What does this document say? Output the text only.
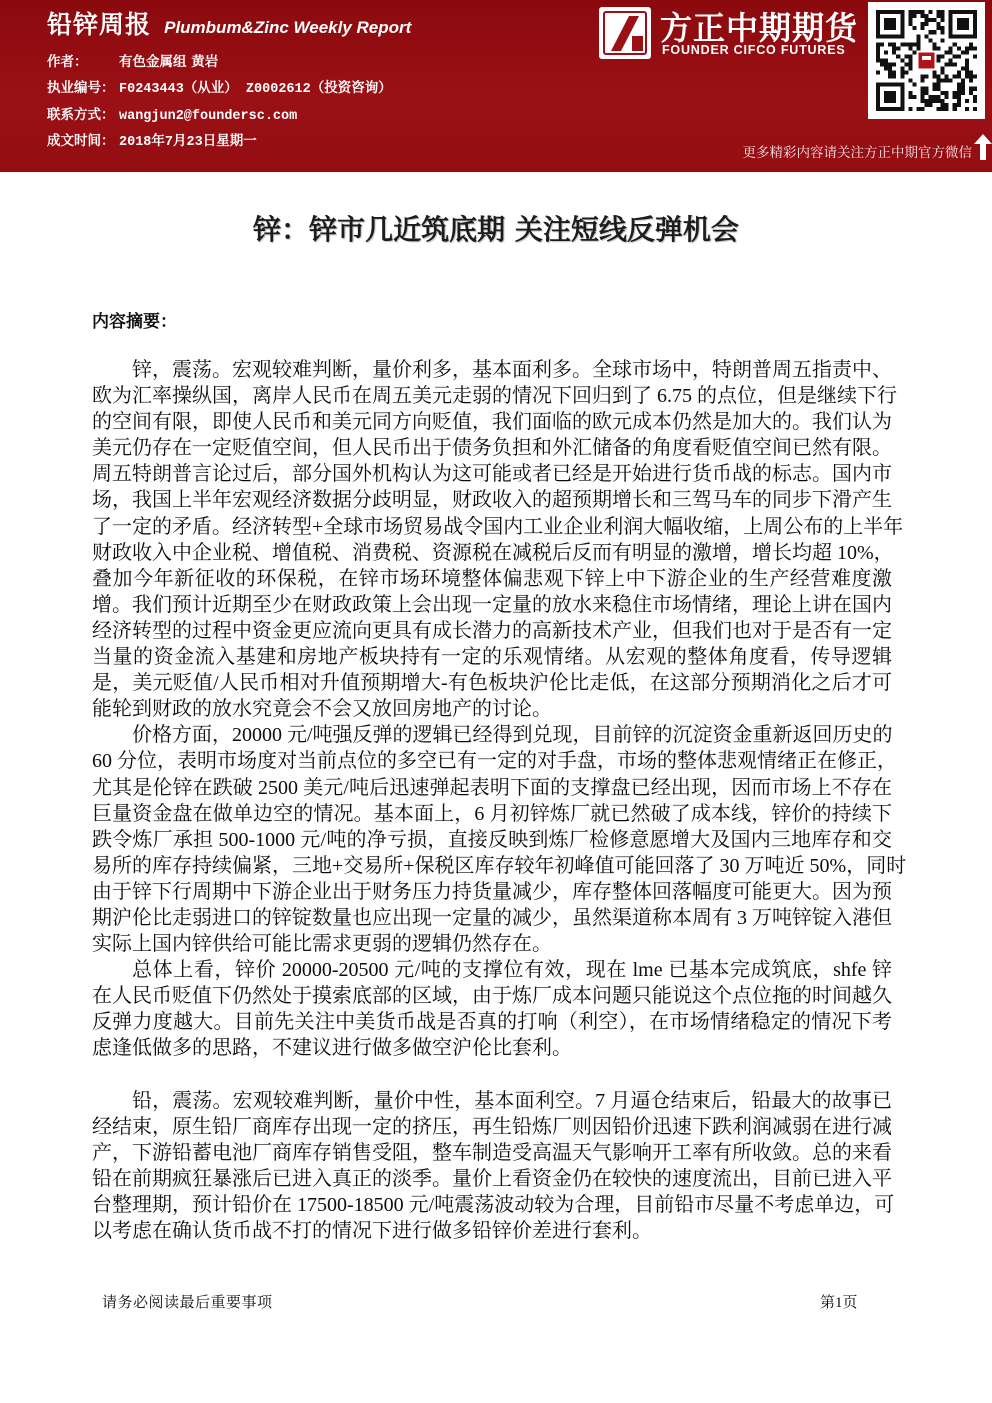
铅锌周报 Plumbum&Zinc Weekly Report
作者： 有色金属组 黄岩
执业编号： F0243443（从业） Z0002612（投资咨询）
联系方式： wangjun2@foundersc.com
成文时间： 2018年7月23日星期一
方正中期期货
FOUNDER CIFCO FUTURES
更多精彩内容请关注方正中期官方微信
锌：锌市几近筑底期 关注短线反弹机会
内容摘要：
锌，震荡。宏观较难判断，量价利多，基本面利多。全球市场中，特朗普周五指责中、
欧为汇率操纵国，离岸人民币在周五美元走弱的情况下回归到了 6.75 的点位，但是继续下行
的空间有限，即使人民币和美元同方向贬值，我们面临的欧元成本仍然是加大的。我们认为
美元仍存在一定贬值空间，但人民币出于债务负担和外汇储备的角度看贬值空间已然有限。
周五特朗普言论过后，部分国外机构认为这可能或者已经是开始进行货币战的标志。国内市
场，我国上半年宏观经济数据分歧明显，财政收入的超预期增长和三驾马车的同步下滑产生
了一定的矛盾。经济转型+全球市场贸易战令国内工业企业利润大幅收缩，上周公布的上半年
财政收入中企业税、增值税、消费税、资源税在减税后反而有明显的激增，增长均超 10%，
叠加今年新征收的环保税，在锌市场环境整体偏悲观下锌上中下游企业的生产经营难度激
增。我们预计近期至少在财政政策上会出现一定量的放水来稳住市场情绪，理论上讲在国内
经济转型的过程中资金更应流向更具有成长潜力的高新技术产业，但我们也对于是否有一定
当量的资金流入基建和房地产板块持有一定的乐观情绪。从宏观的整体角度看，传导逻辑
是，美元贬值/人民币相对升值预期增大-有色板块沪伦比走低，在这部分预期消化之后才可
能轮到财政的放水究竟会不会又放回房地产的讨论。
价格方面，20000 元/吨强反弹的逻辑已经得到兑现，目前锌的沉淀资金重新返回历史的
60 分位，表明市场度对当前点位的多空已有一定的对手盘，市场的整体悲观情绪正在修正，
尤其是伦锌在跌破 2500 美元/吨后迅速弹起表明下面的支撑盘已经出现，因而市场上不存在
巨量资金盘在做单边空的情况。基本面上，6 月初锌炼厂就已然破了成本线，锌价的持续下
跌令炼厂承担 500-1000 元/吨的净亏损，直接反映到炼厂检修意愿增大及国内三地库存和交
易所的库存持续偏紧，三地+交易所+保税区库存较年初峰值可能回落了 30 万吨近 50%，同时
由于锌下行周期中下游企业出于财务压力持货量减少，库存整体回落幅度可能更大。因为预
期沪伦比走弱进口的锌锭数量也应出现一定量的减少，虽然渠道称本周有 3 万吨锌锭入港但
实际上国内锌供给可能比需求更弱的逻辑仍然存在。
总体上看，锌价 20000-20500 元/吨的支撑位有效，现在 lme 已基本完成筑底，shfe 锌
在人民币贬值下仍然处于摸索底部的区域，由于炼厂成本问题只能说这个点位拖的时间越久
反弹力度越大。目前先关注中美货币战是否真的打响（利空），在市场情绪稳定的情况下考
虑逢低做多的思路，不建议进行做多做空沪伦比套利。
铅，震荡。宏观较难判断，量价中性，基本面利空。7 月逼仓结束后，铅最大的故事已
经结束，原生铅厂商库存出现一定的挤压，再生铅炼厂则因铅价迅速下跌利润减弱在进行减
产，下游铅蓄电池厂商库存销售受阻，整车制造受高温天气影响开工率有所收敛。总的来看
铅在前期疯狂暴涨后已进入真正的淡季。量价上看资金仍在较快的速度流出，目前已进入平
台整理期，预计铅价在 17500-18500 元/吨震荡波动较为合理，目前铅市尽量不考虑单边，可
以考虑在确认货币战不打的情况下进行做多铅锌价差进行套利。
请务必阅读最后重要事项	第1页
